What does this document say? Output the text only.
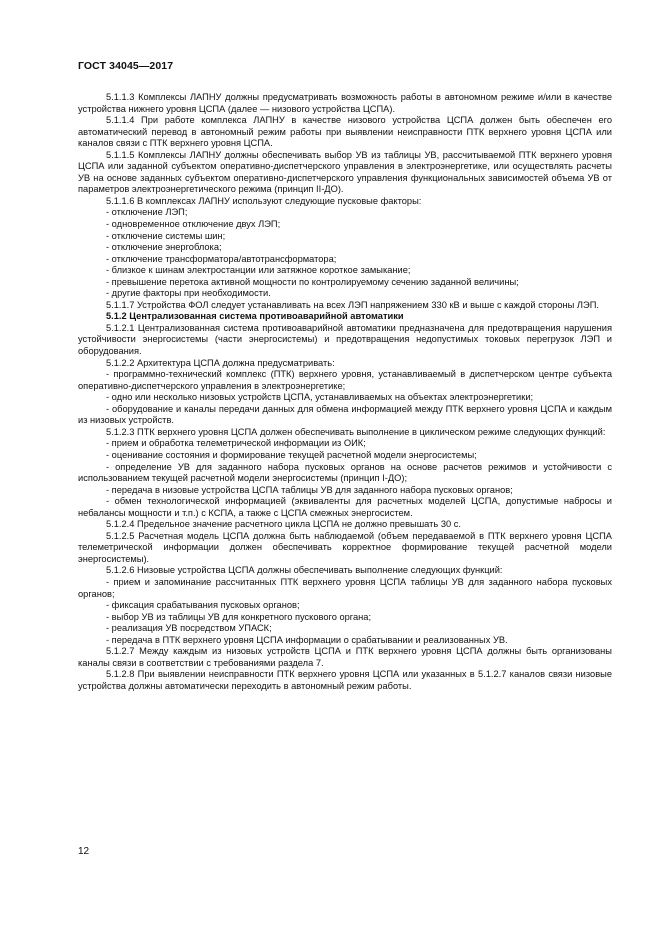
ГОСТ 34045—2017

5.1.1.3 Комплексы ЛАПНУ должны предусматривать возможность работы в автономном режиме и/или в качестве устройства нижнего уровня ЦСПА (далее — низового устройства ЦСПА).

5.1.1.4 При работе комплекса ЛАПНУ в качестве низового устройства ЦСПА должен быть обеспечен его автоматический перевод в автономный режим работы при выявлении неисправности ПТК верхнего уровня ЦСПА или каналов связи с ПТК верхнего уровня ЦСПА.

5.1.1.5 Комплексы ЛАПНУ должны обеспечивать выбор УВ из таблицы УВ, рассчитываемой ПТК верхнего уровня ЦСПА или заданной субъектом оперативно-диспетчерского управления в электроэнергетике, или осуществлять расчеты УВ на основе заданных субъектом оперативно-диспетчерского управления функциональных зависимостей объема УВ от параметров электроэнергетического режима (принцип II-ДО).

5.1.1.6 В комплексах ЛАПНУ используют следующие пусковые факторы:

- отключение ЛЭП;

- одновременное отключение двух ЛЭП;

- отключение системы шин;

- отключение энергоблока;

- отключение трансформатора/автотрансформатора;

- близкое к шинам электростанции или затяжное короткое замыкание;

- превышение перетока активной мощности по контролируемому сечению заданной величины;

- другие факторы при необходимости.

5.1.1.7 Устройства ФОЛ следует устанавливать на всех ЛЭП напряжением 330 кВ и выше с каждой стороны ЛЭП.

5.1.2 Централизованная система противоаварийной автоматики

5.1.2.1 Централизованная система противоаварийной автоматики предназначена для предотвращения нарушения устойчивости энергосистемы (части энергосистемы) и предотвращения недопустимых токовых перегрузок ЛЭП и оборудования.

5.1.2.2 Архитектура ЦСПА должна предусматривать:

- программно-технический комплекс (ПТК) верхнего уровня, устанавливаемый в диспетчерском центре субъекта оперативно-диспетчерского управления в электроэнергетике;

- одно или несколько низовых устройств ЦСПА, устанавливаемых на объектах электроэнергетики;

- оборудование и каналы передачи данных для обмена информацией между ПТК верхнего уровня ЦСПА и каждым из низовых устройств.

5.1.2.3 ПТК верхнего уровня ЦСПА должен обеспечивать выполнение в циклическом режиме следующих функций:

- прием и обработка телеметрической информации из ОИК;

- оценивание состояния и формирование текущей расчетной модели энергосистемы;

- определение УВ для заданного набора пусковых органов на основе расчетов режимов и устойчивости с использованием текущей расчетной модели энергосистемы (принцип I-ДО);

- передача в низовые устройства ЦСПА таблицы УВ для заданного набора пусковых органов;

- обмен технологической информацией (эквиваленты для расчетных моделей ЦСПА, допустимые набросы и небалансы мощности и т.п.) с КСПА, а также с ЦСПА смежных энергосистем.

5.1.2.4 Предельное значение расчетного цикла ЦСПА не должно превышать 30 с.

5.1.2.5 Расчетная модель ЦСПА должна быть наблюдаемой (объем передаваемой в ПТК верхнего уровня ЦСПА телеметрической информации должен обеспечивать корректное формирование текущей расчетной модели энергосистемы).

5.1.2.6 Низовые устройства ЦСПА должны обеспечивать выполнение следующих функций:

- прием и запоминание рассчитанных ПТК верхнего уровня ЦСПА таблицы УВ для заданного набора пусковых органов;

- фиксация срабатывания пусковых органов;

- выбор УВ из таблицы УВ для конкретного пускового органа;

- реализация УВ посредством УПАСК;

- передача в ПТК верхнего уровня ЦСПА информации о срабатывании и реализованных УВ.

5.1.2.7 Между каждым из низовых устройств ЦСПА и ПТК верхнего уровня ЦСПА должны быть организованы каналы связи в соответствии с требованиями раздела 7.

5.1.2.8 При выявлении неисправности ПТК верхнего уровня ЦСПА или указанных в 5.1.2.7 каналов связи низовые устройства должны автоматически переходить в автономный режим работы.

12
